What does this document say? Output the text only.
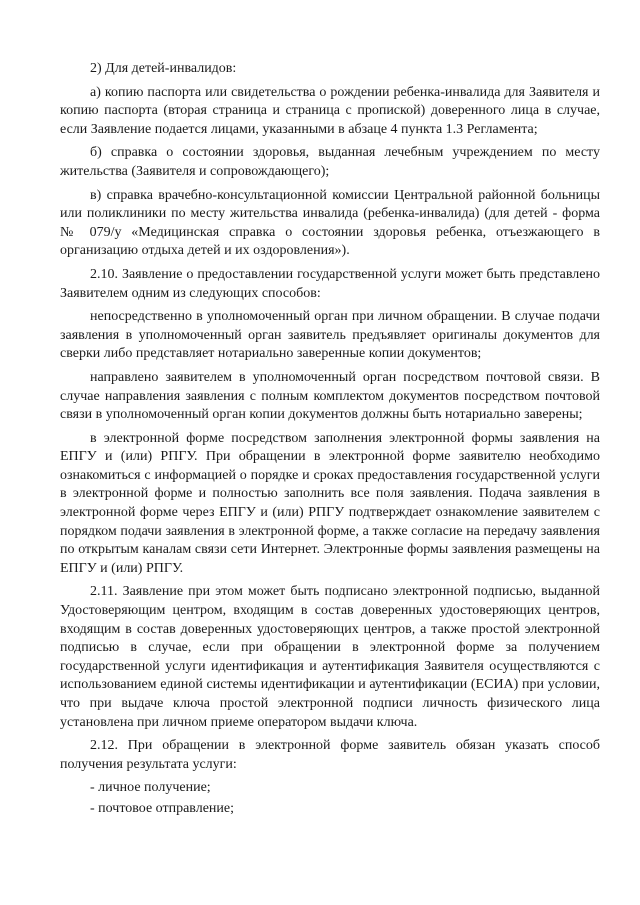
2) Для детей-инвалидов:

а) копию паспорта или свидетельства о рождении ребенка-инвалида для Заявителя и копию паспорта (вторая страница и страница с пропиской) доверенного лица в случае, если Заявление подается лицами, указанными в абзаце 4 пункта 1.3 Регламента;

б) справка о состоянии здоровья, выданная лечебным учреждением по месту жительства (Заявителя и сопровождающего);

в) справка врачебно-консультационной комиссии Центральной районной больницы или поликлиники по месту жительства инвалида (ребенка-инвалида) (для детей - форма № 079/у «Медицинская справка о состоянии здоровья ребенка, отъезжающего в организацию отдыха детей и их оздоровления»).

2.10. Заявление о предоставлении государственной услуги может быть представлено Заявителем одним из следующих способов:

непосредственно в уполномоченный орган при личном обращении. В случае подачи заявления в уполномоченный орган заявитель предъявляет оригиналы документов для сверки либо представляет нотариально заверенные копии документов;

направлено заявителем в уполномоченный орган посредством почтовой связи. В случае направления заявления с полным комплектом документов посредством почтовой связи в уполномоченный орган копии документов должны быть нотариально заверены;

в электронной форме посредством заполнения электронной формы заявления на ЕПГУ и (или) РПГУ. При обращении в электронной форме заявителю необходимо ознакомиться с информацией о порядке и сроках предоставления государственной услуги в электронной форме и полностью заполнить все поля заявления. Подача заявления в электронной форме через ЕПГУ и (или) РПГУ подтверждает ознакомление заявителем с порядком подачи заявления в электронной форме, а также согласие на передачу заявления по открытым каналам связи сети Интернет. Электронные формы заявления размещены на ЕПГУ и (или) РПГУ.

2.11. Заявление при этом может быть подписано электронной подписью, выданной Удостоверяющим центром, входящим в состав доверенных удостоверяющих центров, входящим в состав доверенных удостоверяющих центров, а также простой электронной подписью в случае, если при обращении в электронной форме за получением государственной услуги идентификация и аутентификация Заявителя осуществляются с использованием единой системы идентификации и аутентификации (ЕСИА) при условии, что при выдаче ключа простой электронной подписи личность физического лица установлена при личном приеме оператором выдачи ключа.

2.12. При обращении в электронной форме заявитель обязан указать способ получения результата услуги:

- личное получение;

- почтовое отправление;
